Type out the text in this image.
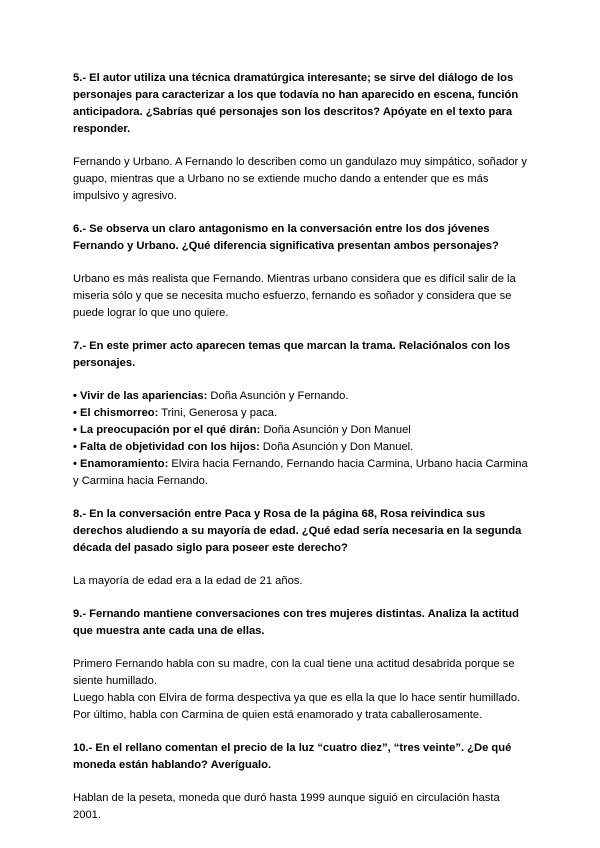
5.- El autor utiliza una técnica dramatúrgica interesante; se sirve del diálogo de los personajes para caracterizar a los que todavía no han aparecido en escena, función anticipadora. ¿Sabrías qué personajes son los descritos? Apóyate en el texto para responder.

Fernando y Urbano. A Fernando lo describen como un gandulazo muy simpático, soñador y guapo, mientras que a Urbano no se extiende mucho dando a entender que es más impulsivo y agresivo.

6.- Se observa un claro antagonismo en la conversación entre los dos jóvenes Fernando y Urbano. ¿Qué diferencia significativa presentan ambos personajes?

Urbano es más realista que Fernando. Mientras urbano considera que es difícil salir de la miseria sólo y que se necesita mucho esfuerzo, fernando es soñador y considera que se puede lograr lo que uno quiere.

7.- En este primer acto aparecen temas que marcan la trama. Relaciónalos con los personajes.

• Vivir de las apariencias: Doña Asunción y Fernando.
• El chismorreo: Trini, Generosa y paca.
• La preocupación por el qué dirán: Doña Asunción y Don Manuel
• Falta de objetividad con los hijos: Doña Asunción y Don Manuel.
• Enamoramiento: Elvira hacia Fernando, Fernando hacia Carmina, Urbano hacia Carmina y Carmina hacia Fernando.

8.- En la conversación entre Paca y Rosa de la página 68, Rosa reivindica sus derechos aludiendo a su mayoría de edad. ¿Qué edad sería necesaria en la segunda década del pasado siglo para poseer este derecho?

La mayoría de edad era a la edad de 21 años.

9.- Fernando mantiene conversaciones con tres mujeres distintas. Analiza la actitud que muestra ante cada una de ellas.

Primero Fernando habla con su madre, con la cual tiene una actitud desabrida porque se siente humillado.

Luego habla con Elvira de forma despectiva ya que es ella la que lo hace sentir humillado.

Por último, habla con Carmina de quien está enamorado y trata caballerosamente.

10.- En el rellano comentan el precio de la luz “cuatro diez”, “tres veinte”. ¿De qué moneda están hablando? Averígualo.

Hablan de la peseta, moneda que duró hasta 1999 aunque siguió en circulación hasta 2001.
